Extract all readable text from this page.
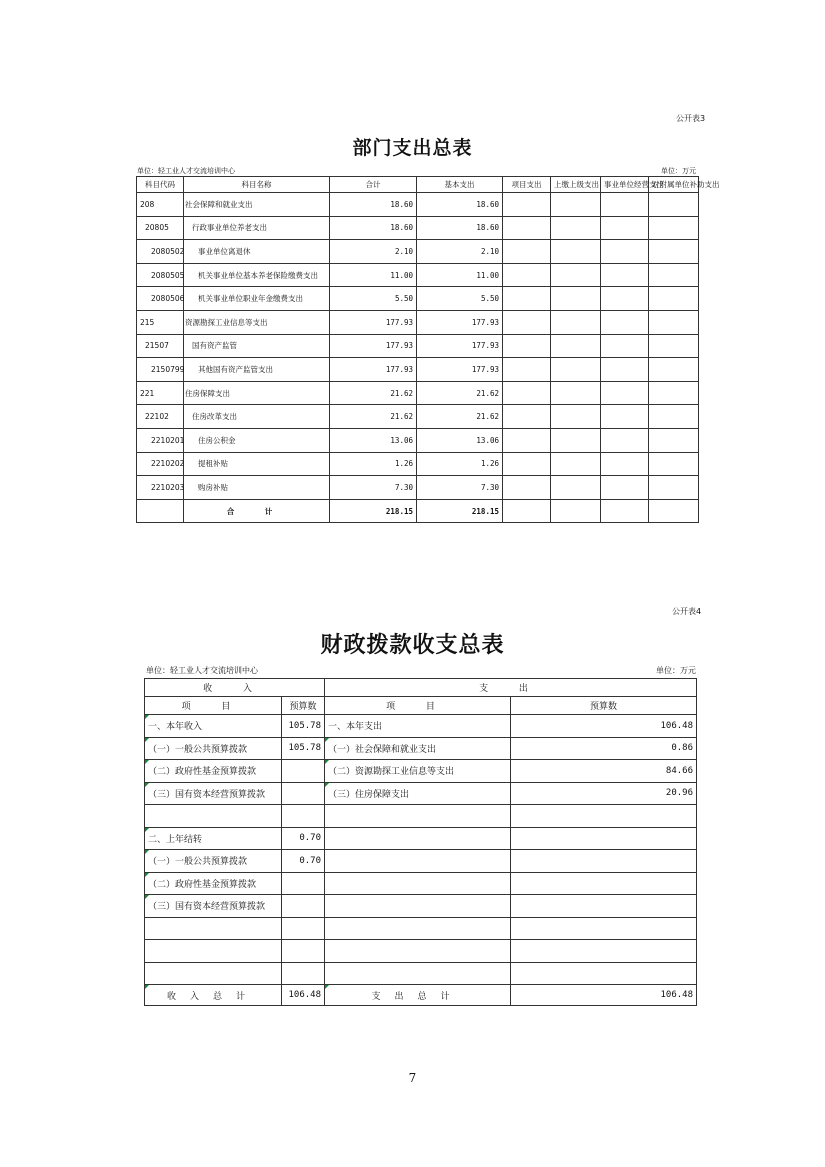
公开表3
部门支出总表
单位：轻工业人才交流培训中心	单位：万元
科目代码	科目名称	合计	基本支出	项目支出	上缴上级支出	事业单位经营支出	对附属单位补助支出
208	社会保障和就业支出	18.60	18.60				
20805	行政事业单位养老支出	18.60	18.60				
2080502	事业单位离退休	2.10	2.10				
2080505	机关事业单位基本养老保险缴费支出	11.00	11.00				
2080506	机关事业单位职业年金缴费支出	5.50	5.50				
215	资源勘探工业信息等支出	177.93	177.93				
21507	国有资产监管	177.93	177.93				
2150799	其他国有资产监管支出	177.93	177.93				
221	住房保障支出	21.62	21.62				
22102	住房改革支出	21.62	21.62				
2210201	住房公积金	13.06	13.06				
2210202	提租补贴	1.26	1.26				
2210203	购房补贴	7.30	7.30				
	合 计	218.15	218.15				
公开表4
财政拨款收支总表
单位：轻工业人才交流培训中心	单位：万元
收 入		支 出	
项 目	预算数	项 目	预算数

一、本年收入	105.78	一、本年支出	106.48

（一）一般公共预算拨款	105.78	（一）社会保障和就业支出	0.86

（二）政府性基金预算拨款		（二）资源勘探工业信息等支出	84.66

（三）国有资本经营预算拨款		（三）住房保障支出	20.96

二、上年结转	0.70		

（一）一般公共预算拨款	0.70		

（二）政府性基金预算拨款			

（三）国有资本经营预算拨款			

收入总计	106.48	支出总计	106.48
7
